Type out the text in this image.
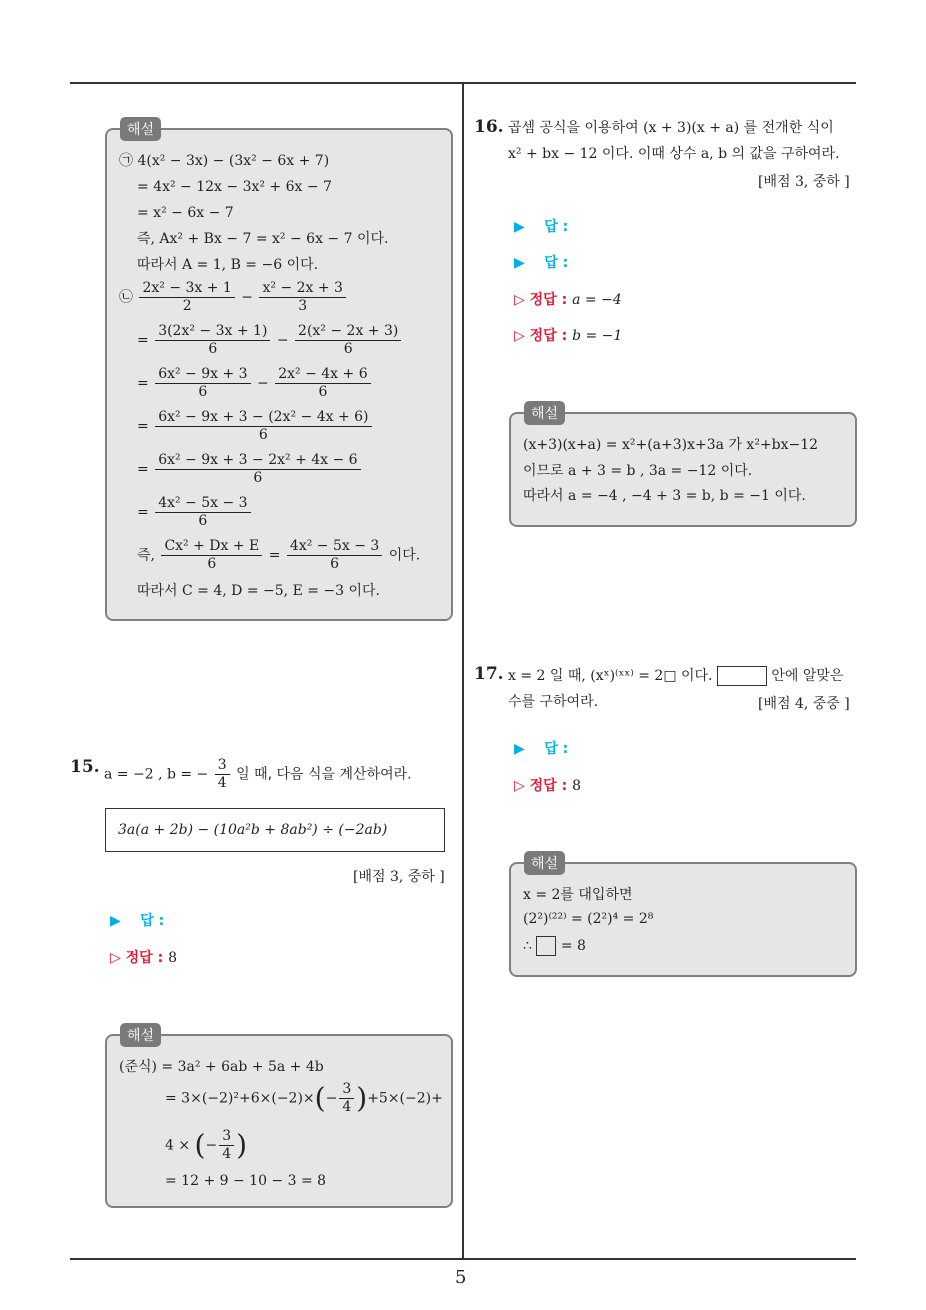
㉠ 4(x² − 3x) − (3x² − 6x + 7)
= 4x² − 12x − 3x² + 6x − 7
= x² − 6x − 7
즉, Ax² + Bx − 7 = x² − 6x − 7 이다.
따라서 A = 1, B = −6 이다.
㉡ $\frac{\text{2x² − 3x + 1}}{2} - \frac{\text{x² − 2x + 3}}{3}$
= $\frac{\text{3(2x² − 3x + 1)}}{6} - \frac{\text{2(x² − 2x + 3)}}{6}$
= $\frac{\text{6x² − 9x + 3}}{6} - \frac{\text{2x² − 4x + 6}}{6}$
= $\frac{\text{6x² − 9x + 3 − (2x² − 4x + 6)}}{6}$
= $\frac{\text{6x² − 9x + 3 − 2x² + 4x − 6}}{6}$
= $\frac{\text{4x² − 5x − 3}}{6}$
즉, $\frac{\text{Cx² + Dx + E}}{6} = \frac{\text{4x² − 5x − 3}}{6}$ 이다.
따라서 C = 4, D = −5, E = −3 이다.
해설
15. a = −2 , b = − $\frac{3}{4}$ 일 때, 다음 식을 계산하여라.
3a(a + 2b) − (10a²b + 8ab²) ÷ (−2ab)
[배점 3, 중하 ]
▶ 답 :
▷ 정답 : 8
(준식) = 3a² + 6ab + 5a + 4b
= $3\times(-2)^2+6\times(-2)\times(- \frac{3}{4} )+5\times(-2)+$
4 × (− $\frac{3}{4}$ )
= 12 + 9 − 10 − 3 = 8
해설
16. 곱셈 공식을 이용하여 (x + 3)(x + a) 를 전개한 식이
x² + bx − 12 이다. 이때 상수 a, b 의 값을 구하여라.
[배점 3, 중하 ]
▶ 답 :
▶ 답 :
▷ 정답 : a = −4
▷ 정답 : b = −1
(x+3)(x+a) = x²+(a+3)x+3a 가 x²+bx−12
이므로 a + 3 = b , 3a = −12 이다.
따라서 a = −4 , −4 + 3 = b, b = −1 이다.
해설
17. x = 2 일 때, (xˣ)⁽ˣˣ⁾ = 2□ 이다.	안에 알맞은
수를 구하여라.	[배점 4, 중중 ]
▶ 답 :
▷ 정답 : 8
x = 2를 대입하면
(2²)⁽²²⁾ = (2²)⁴ = 2⁸
∴ = 8
해설
5
